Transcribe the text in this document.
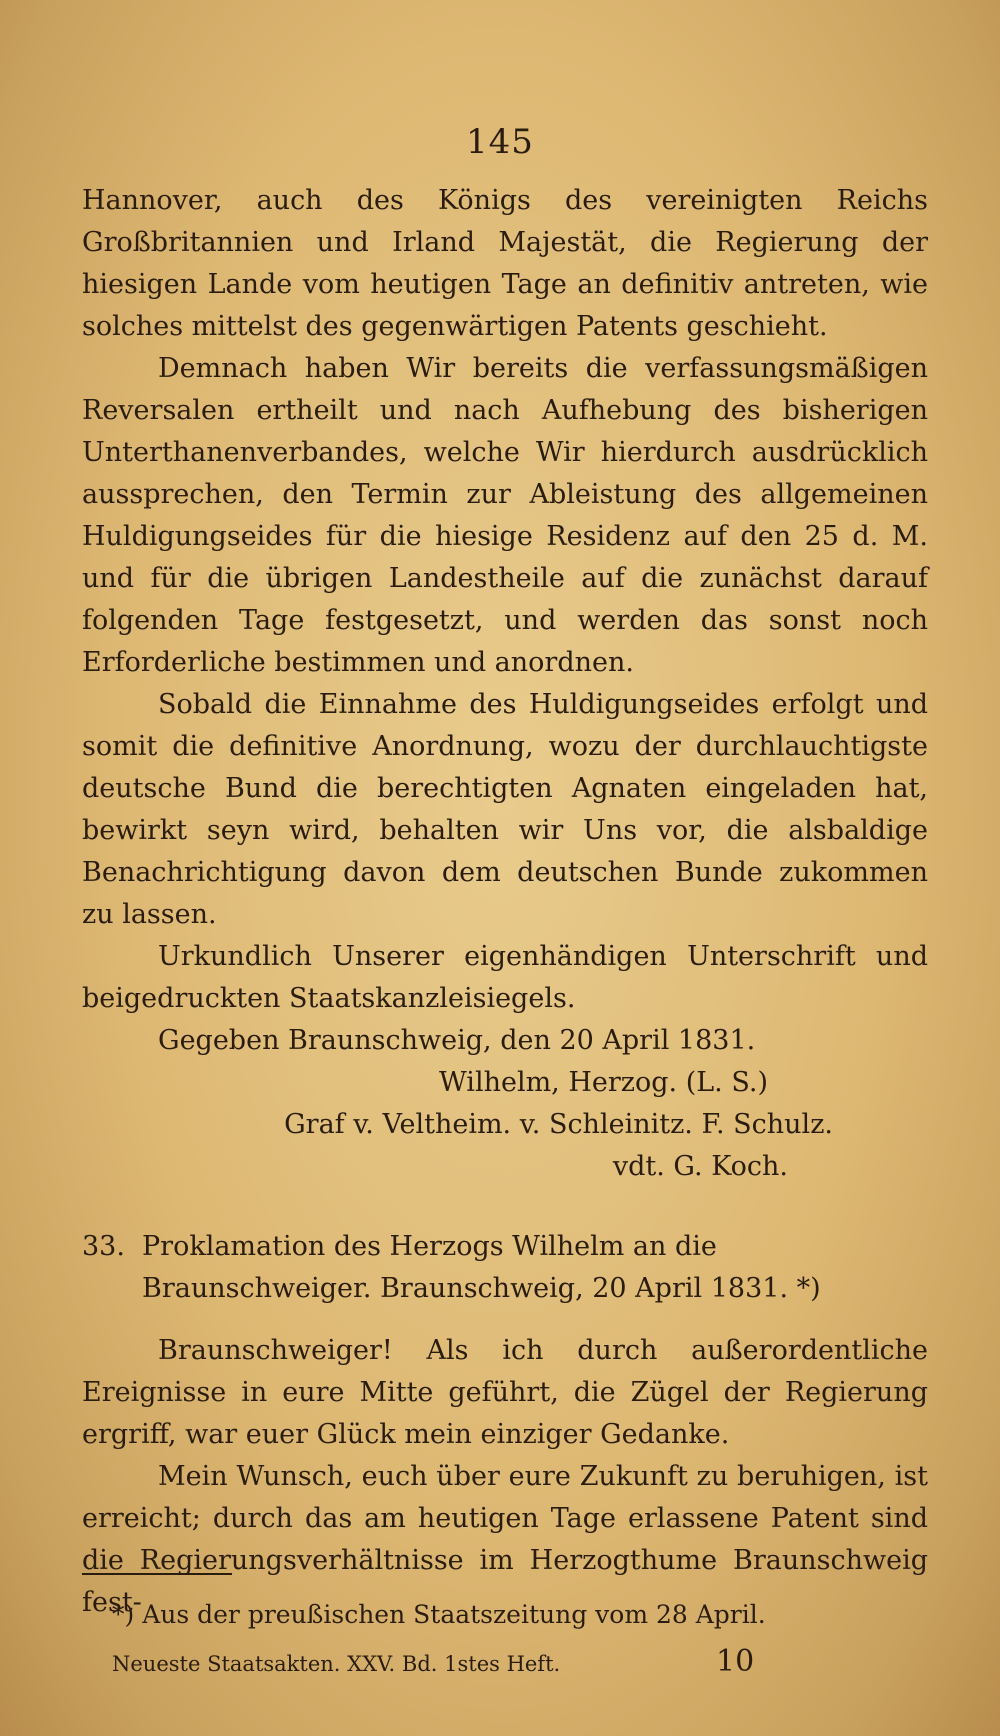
145

Hannover, auch des Königs des vereinigten Reichs Großbritannien und Irland Majestät, die Regierung der hiesigen Lande vom heutigen Tage an definitiv antreten, wie solches mittelst des gegenwärtigen Patents geschieht.

Demnach haben Wir bereits die verfassungsmäßigen Reversalen ertheilt und nach Aufhebung des bisherigen Unterthanenverbandes, welche Wir hierdurch ausdrücklich aussprechen, den Termin zur Ableistung des allgemeinen Huldigungseides für die hiesige Residenz auf den 25 d. M. und für die übrigen Landestheile auf die zunächst darauf folgenden Tage festgesetzt, und werden das sonst noch Erforderliche bestimmen und anordnen.

Sobald die Einnahme des Huldigungseides erfolgt und somit die definitive Anordnung, wozu der durchlauchtigste deutsche Bund die berechtigten Agnaten eingeladen hat, bewirkt seyn wird, behalten wir Uns vor, die alsbaldige Benachrichtigung davon dem deutschen Bunde zukommen zu lassen.

Urkundlich Unserer eigenhändigen Unterschrift und beigedruckten Staatskanzleisiegels.

Gegeben Braunschweig, den 20 April 1831.

Wilhelm, Herzog. (L. S.)

Graf v. Veltheim. v. Schleinitz. F. Schulz.

vdt. G. Koch.

33. Proklamation des Herzogs Wilhelm an die Braunschweiger. Braunschweig, 20 April 1831. *)

Braunschweiger! Als ich durch außerordentliche Ereignisse in eure Mitte geführt, die Zügel der Regierung ergriff, war euer Glück mein einziger Gedanke.

Mein Wunsch, euch über eure Zukunft zu beruhigen, ist erreicht; durch das am heutigen Tage erlassene Patent sind die Regierungsverhältnisse im Herzogthume Braunschweig fest-

*) Aus der preußischen Staatszeitung vom 28 April.
Neueste Staatsakten. XXV. Bd. 1stes Heft.	10
